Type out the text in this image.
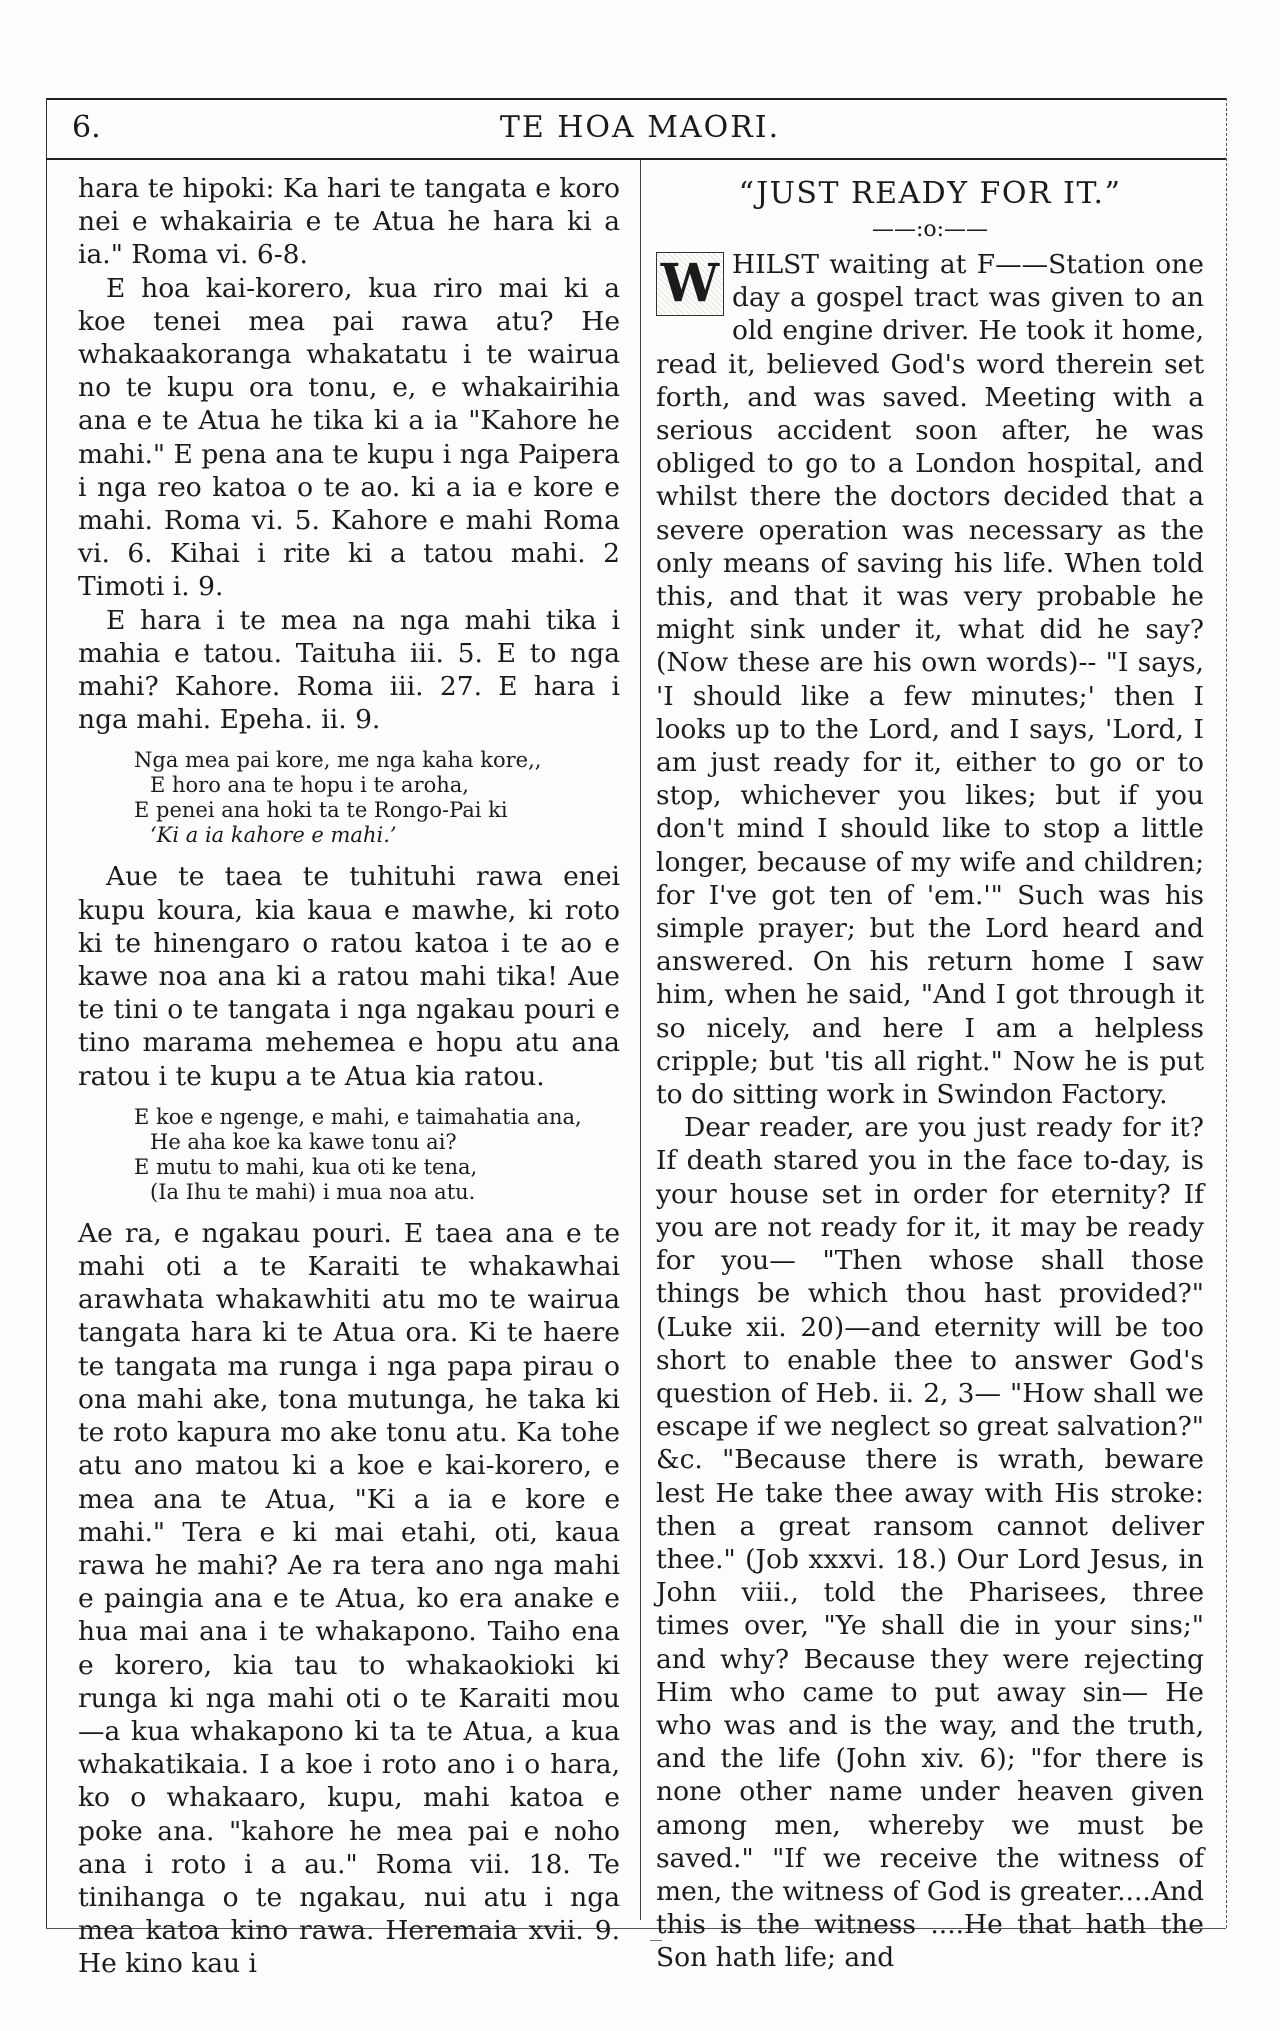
6.	TE HOA MAORI.

hara te hipoki: Ka hari te tangata e koro nei e whakairia e te Atua he hara ki a ia." Roma vi. 6-8.

E hoa kai-korero, kua riro mai ki a koe tenei mea pai rawa atu? He whakaakoranga whakatatu i te wairua no te kupu ora tonu, e, e whakairihia ana e te Atua he tika ki a ia "Kahore he mahi." E pena ana te kupu i nga Paipera i nga reo katoa o te ao. ki a ia e kore e mahi. Roma vi. 5. Kahore e mahi Roma vi. 6. Kihai i rite ki a tatou mahi. 2 Timoti i. 9.

E hara i te mea na nga mahi tika i mahia e tatou. Taituha iii. 5. E to nga mahi? Kahore. Roma iii. 27. E hara i nga mahi. Epeha. ii. 9.

Nga mea pai kore, me nga kaha kore,,
E horo ana te hopu i te aroha,
E penei ana hoki ta te Rongo-Pai ki
‘Ki a ia kahore e mahi.’

Aue te taea te tuhituhi rawa enei kupu koura, kia kaua e mawhe, ki roto ki te hinengaro o ratou katoa i te ao e kawe noa ana ki a ratou mahi tika! Aue te tini o te tangata i nga ngakau pouri e tino marama mehemea e hopu atu ana ratou i te kupu a te Atua kia ratou.

E koe e ngenge, e mahi, e taimahatia ana,
He aha koe ka kawe tonu ai?
E mutu to mahi, kua oti ke tena,
(Ia Ihu te mahi) i mua noa atu.

Ae ra, e ngakau pouri. E taea ana e te mahi oti a te Karaiti te whakawhai arawhata whakawhiti atu mo te wairua tangata hara ki te Atua ora. Ki te haere te tangata ma runga i nga papa pirau o ona mahi ake, tona mutunga, he taka ki te roto kapura mo ake tonu atu. Ka tohe atu ano matou ki a koe e kai-korero, e mea ana te Atua, "Ki a ia e kore e mahi." Tera e ki mai etahi, oti, kaua rawa he mahi? Ae ra tera ano nga mahi e paingia ana e te Atua, ko era anake e hua mai ana i te whakapono. Taiho ena e korero, kia tau to whakaokioki ki runga ki nga mahi oti o te Karaiti mou —a kua whakapono ki ta te Atua, a kua whakatikaia. I a koe i roto ano i o hara, ko o whakaaro, kupu, mahi katoa e poke ana. "kahore he mea pai e noho ana i roto i a au." Roma vii. 18. Te tinihanga o te ngakau, nui atu i nga mea katoa kino rawa. Heremaia xvii. 9. He kino kau i

“JUST READY FOR IT.”
——:o:——

W HILST waiting at F——Station one day a gospel tract was given to an old engine driver. He took it home, read it, believed God's word therein set forth, and was saved. Meeting with a serious accident soon after, he was obliged to go to a London hospital, and whilst there the doctors decided that a severe operation was necessary as the only means of saving his life. When told this, and that it was very probable he might sink under it, what did he say? (Now these are his own words)-- "I says, 'I should like a few minutes;' then I looks up to the Lord, and I says, 'Lord, I am just ready for it, either to go or to stop, whichever you likes; but if you don't mind I should like to stop a little longer, because of my wife and children; for I've got ten of 'em.'" Such was his simple prayer; but the Lord heard and answered. On his return home I saw him, when he said, "And I got through it so nicely, and here I am a helpless cripple; but 'tis all right." Now he is put to do sitting work in Swindon Factory.

Dear reader, are you just ready for it? If death stared you in the face to-day, is your house set in order for eternity? If you are not ready for it, it may be ready for you— "Then whose shall those things be which thou hast provided?" (Luke xii. 20)—and eternity will be too short to enable thee to answer God's question of Heb. ii. 2, 3— "How shall we escape if we neglect so great salvation?" &c. "Because there is wrath, beware lest He take thee away with His stroke: then a great ransom cannot deliver thee." (Job xxxvi. 18.) Our Lord Jesus, in John viii., told the Pharisees, three times over, "Ye shall die in your sins;" and why? Because they were rejecting Him who came to put away sin— He who was and is the way, and the truth, and the life (John xiv. 6); "for there is none other name under heaven given among men, whereby we must be saved." "If we receive the witness of men, the witness of God is greater....And this is the witness ....He that hath the Son hath life; and
